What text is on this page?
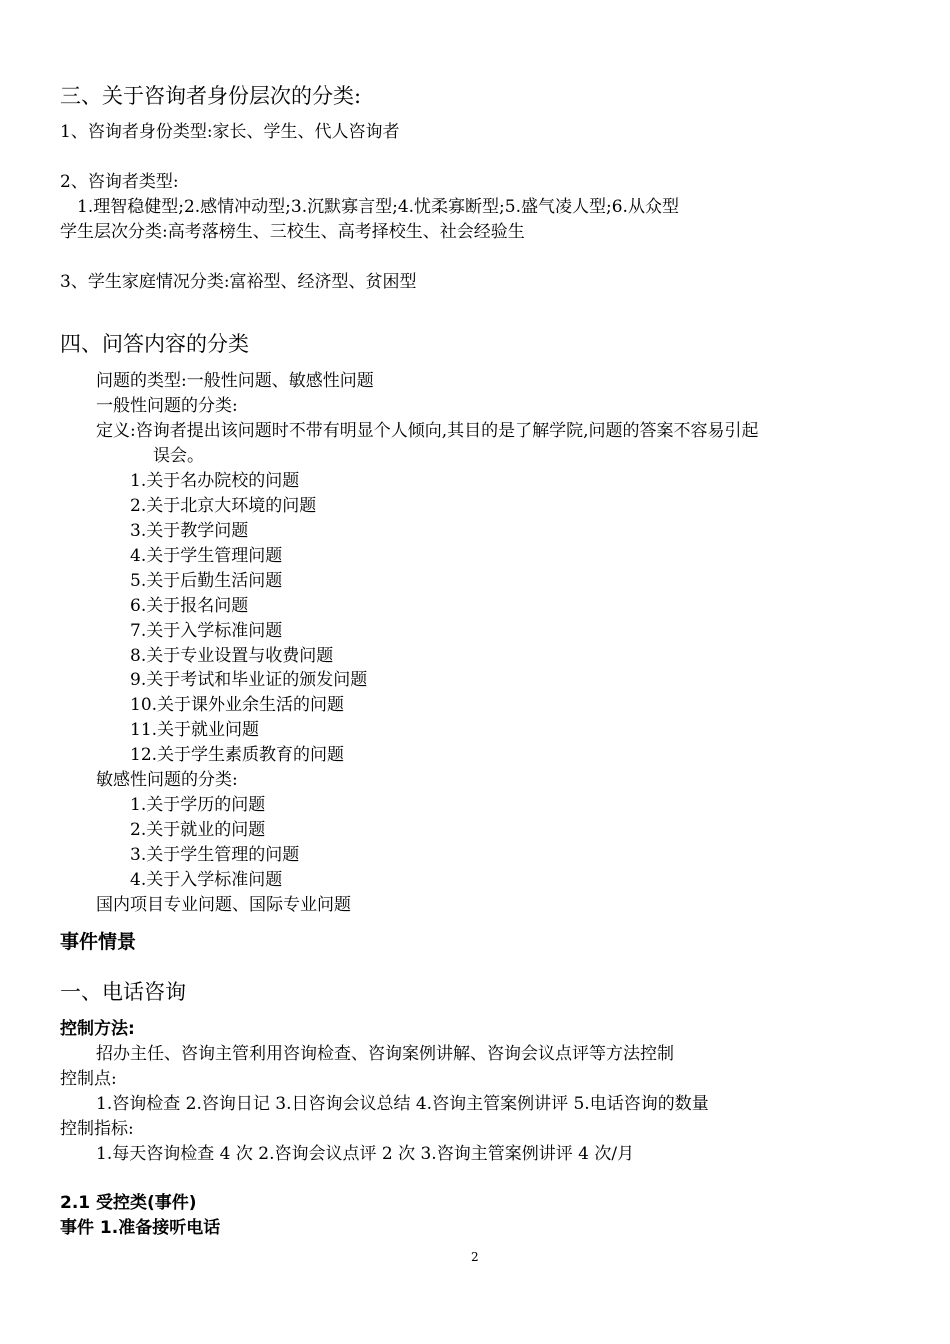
三、关于咨询者身份层次的分类:
1、咨询者身份类型:家长、学生、代人咨询者
2、咨询者类型:
1.理智稳健型;2.感情冲动型;3.沉默寡言型;4.忧柔寡断型;5.盛气凌人型;6.从众型
学生层次分类:高考落榜生、三校生、高考择校生、社会经验生
3、学生家庭情况分类:富裕型、经济型、贫困型
四、问答内容的分类
问题的类型:一般性问题、敏感性问题
一般性问题的分类:
定义:咨询者提出该问题时不带有明显个人倾向,其目的是了解学院,问题的答案不容易引起
误会。
1.关于名办院校的问题
2.关于北京大环境的问题
3.关于教学问题
4.关于学生管理问题
5.关于后勤生活问题
6.关于报名问题
7.关于入学标准问题
8.关于专业设置与收费问题
9.关于考试和毕业证的颁发问题
10.关于课外业余生活的问题
11.关于就业问题
12.关于学生素质教育的问题
敏感性问题的分类:
1.关于学历的问题
2.关于就业的问题
3.关于学生管理的问题
4.关于入学标准问题
国内项目专业问题、国际专业问题
事件情景
一、电话咨询
控制方法:
招办主任、咨询主管利用咨询检查、咨询案例讲解、咨询会议点评等方法控制
控制点:
1.咨询检查 2.咨询日记 3.日咨询会议总结 4.咨询主管案例讲评 5.电话咨询的数量
控制指标:
1.每天咨询检查 4 次 2.咨询会议点评 2 次 3.咨询主管案例讲评 4 次/月
2.1 受控类(事件)
事件 1.准备接听电话
2
